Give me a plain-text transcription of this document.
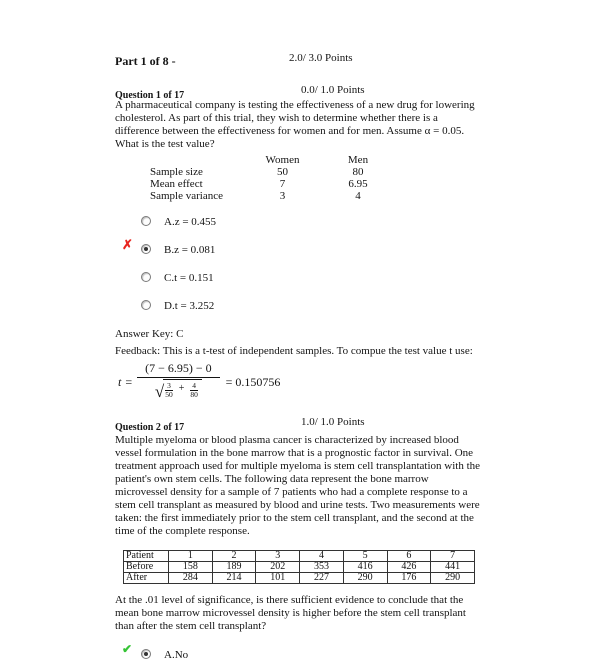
Part 1 of 8 -	2.0/ 3.0 Points
Question 1 of 17	0.0/ 1.0 Points

A pharmaceutical company is testing the effectiveness of a new drug for lowering cholesterol. As part of this trial, they wish to determine whether there is a difference between the effectiveness for women and for men. Assume α = 0.05. What is the test value?

Women	Men
Sample size	50	80
Mean effect	7	6.95
Sample variance	3	4
A.z = 0.455
✗	B.z = 0.081
C.t = 0.151
D.t = 3.252

Answer Key: C

Feedback: This is a t-test of independent samples. To compue the test value t use:

t =
(7 − 6.95) − 0
√ $\frac{3}{50} + \frac{4}{80}$
= 0.150756
Question 2 of 17	1.0/ 1.0 Points

Multiple myeloma or blood plasma cancer is characterized by increased blood vessel formulation in the bone marrow that is a prognostic factor in survival. One treatment approach used for multiple myeloma is stem cell transplantation with the patient's own stem cells. The following data represent the bone marrow microvessel density for a sample of 7 patients who had a complete response to a stem cell transplant as measured by blood and urine tests. Two measurements were taken: the first immediately prior to the stem cell transplant, and the second at the time of the complete response.

Patient	1	2	3	4	5	6	7
Before	158	189	202	353	416	426	441
After	284	214	101	227	290	176	290

At the .01 level of significance, is there sufficient evidence to conclude that the mean bone marrow microvessel density is higher before the stem cell transplant than after the stem cell transplant?

✔	A.No
